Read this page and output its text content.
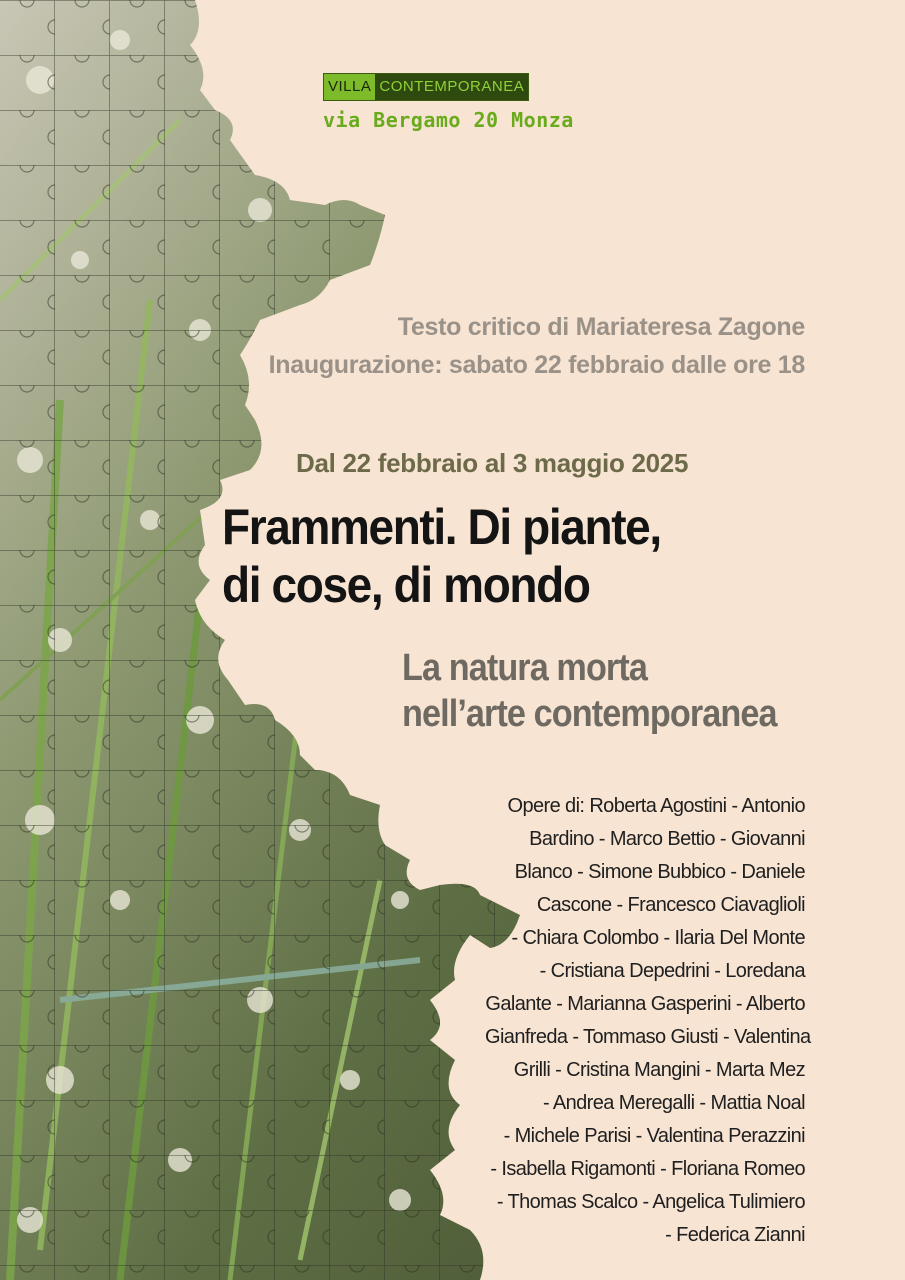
VILLA CONTEMPORANEA
via Bergamo 20 Monza
Testo critico di Mariateresa Zagone
Inaugurazione: sabato 22 febbraio dalle ore 18
Dal 22 febbraio al 3 maggio 2025
Frammenti. Di piante,
di cose, di mondo
La natura morta
nell’arte contemporanea
Opere di: Roberta Agostini - Antonio
Bardino - Marco Bettio - Giovanni
Blanco - Simone Bubbico - Daniele
Cascone - Francesco Ciavaglioli
- Chiara Colombo - Ilaria Del Monte
- Cristiana Depedrini - Loredana
Galante - Marianna Gasperini - Alberto
Gianfreda - Tommaso Giusti - Valentina
Grilli - Cristina Mangini - Marta Mez
- Andrea Meregalli - Mattia Noal
- Michele Parisi - Valentina Perazzini
- Isabella Rigamonti - Floriana Romeo
- Thomas Scalco - Angelica Tulimiero
- Federica Zianni
